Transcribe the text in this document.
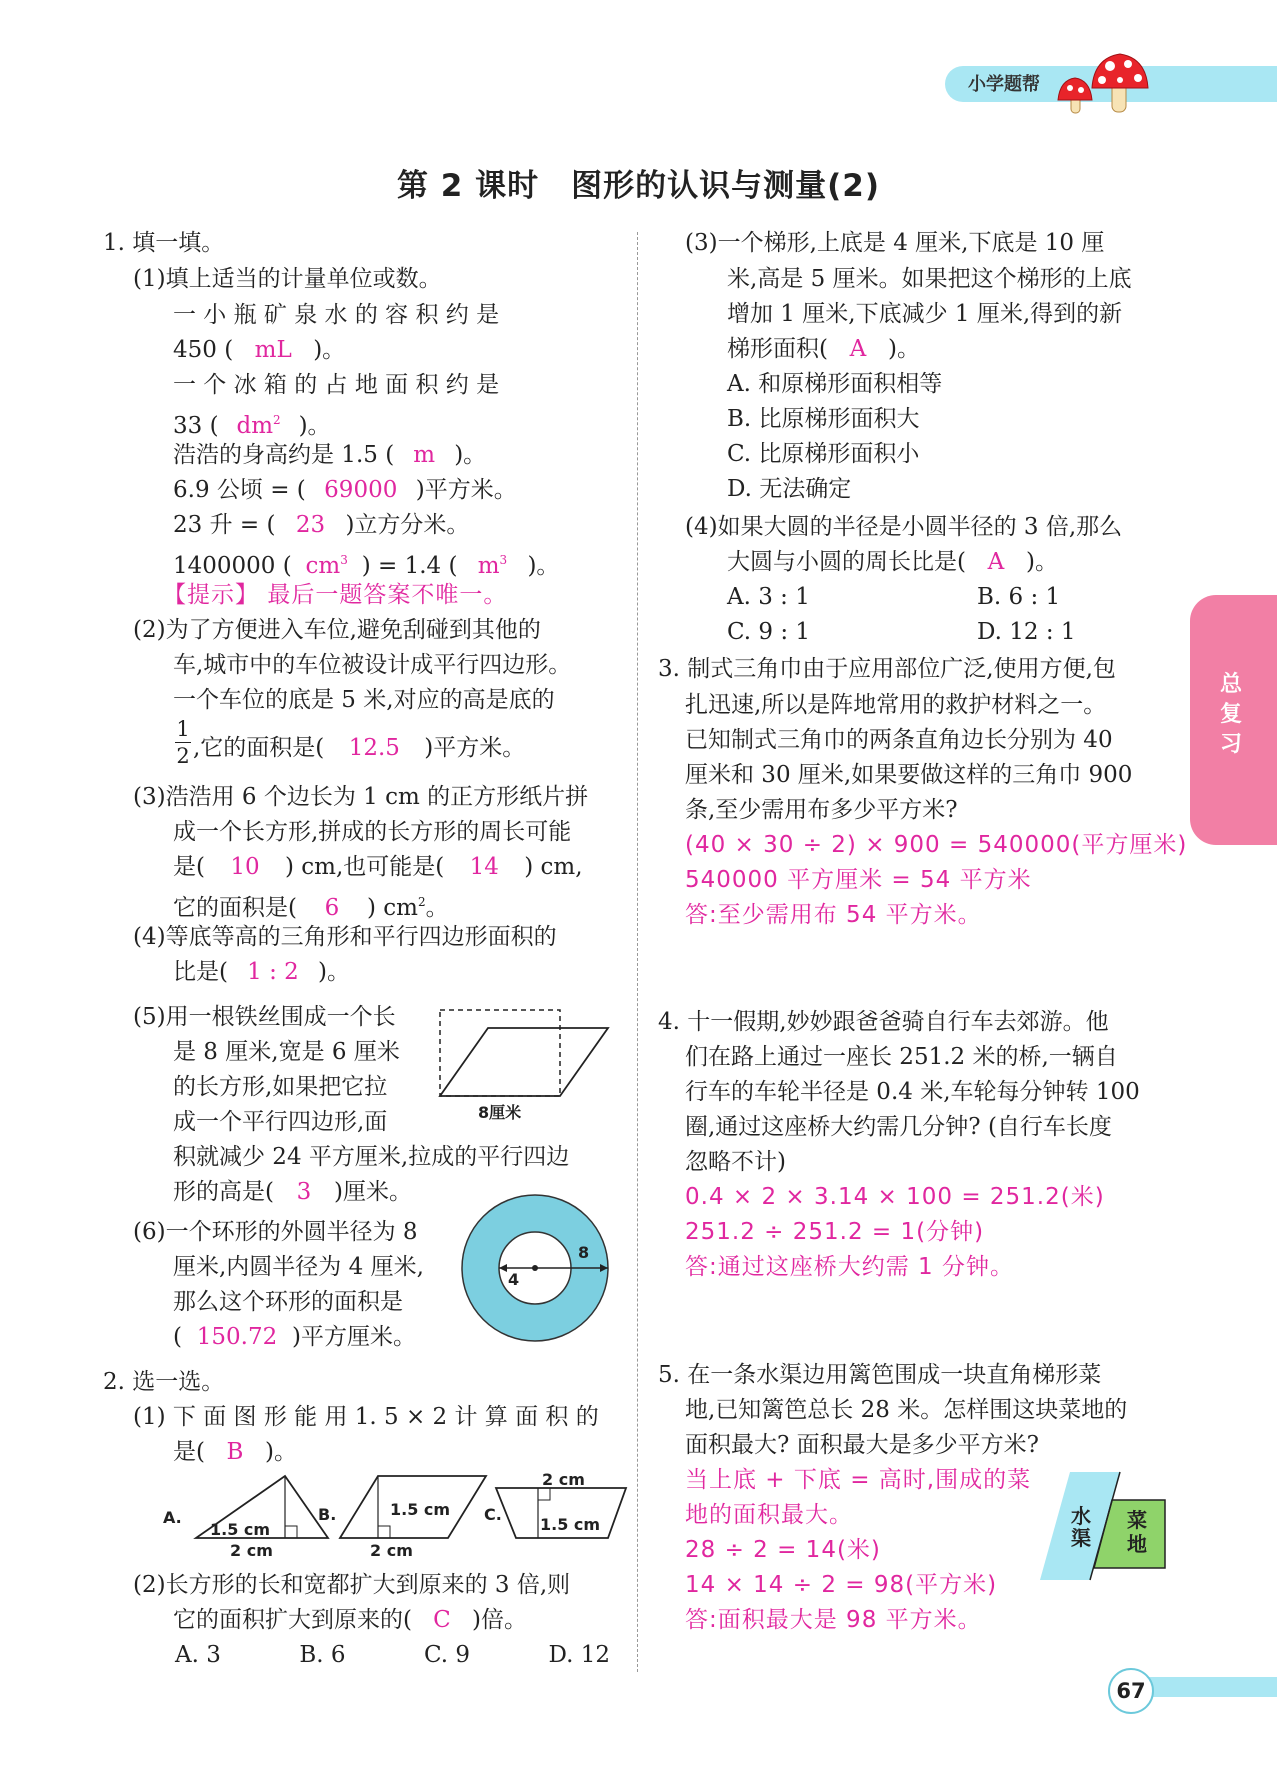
小学题帮
第 2 课时　图形的认识与测量(2)
总
复
习
1. 填一填。
(1)填上适当的计量单位或数。
一 小 瓶 矿 泉 水 的 容 积 约 是
450 ( mL )。
一 个 冰 箱 的 占 地 面 积 约 是
33 ( $dm^2$ )。
浩浩的身高约是 1.5 ( m )。
6.9 公顷 = ( 69000 )平方米。
23 升 = ( 23 )立方分米。
1400000 ( $cm^3$ ) = 1.4 ( $m^3$ )。
【提示】 最后一题答案不唯一。
(2)为了方便进入车位,避免刮碰到其他的
车,城市中的车位被设计成平行四边形。
一个车位的底是 5 米,对应的高是底的
1
2 ,它的面积是( 12.5 )平方米。
(3)浩浩用 6 个边长为 1 cm 的正方形纸片拼
成一个长方形,拼成的长方形的周长可能
是( 10 ) cm,也可能是( 14 ) cm,
它的面积是( 6 ) $cm^2$。
(4)等底等高的三角形和平行四边形面积的
比是( 1 : 2 )。
(5)用一根铁丝围成一个长
是 8 厘米,宽是 6 厘米
的长方形,如果把它拉
成一个平行四边形,面
积就减少 24 平方厘米,拉成的平行四边
形的高是( 3 )厘米。
8厘米
(6)一个环形的外圆半径为 8
厘米,内圆半径为 4 厘米,
那么这个环形的面积是
( 150.72 )平方厘米。
4
8
2. 选一选。
(1) 下 面 图 形 能 用 1. 5 × 2 计 算 面 积 的
是( B )。
A.
1.5 cm
2 cm
B.	1.5 cm
2 cm
C.
2 cm
1.5 cm
(2)长方形的长和宽都扩大到原来的 3 倍,则
它的面积扩大到原来的( C )倍。
A. 3	B. 6	C. 9	D. 12
(3)一个梯形,上底是 4 厘米,下底是 10 厘
米,高是 5 厘米。如果把这个梯形的上底
增加 1 厘米,下底减少 1 厘米,得到的新
梯形面积( A )。
A. 和原梯形面积相等
B. 比原梯形面积大
C. 比原梯形面积小
D. 无法确定
(4)如果大圆的半径是小圆半径的 3 倍,那么
大圆与小圆的周长比是( A )。
A. 3 : 1	B. 6 : 1
C. 9 : 1	D. 12 : 1
3. 制式三角巾由于应用部位广泛,使用方便,包
扎迅速,所以是阵地常用的救护材料之一。
已知制式三角巾的两条直角边长分别为 40
厘米和 30 厘米,如果要做这样的三角巾 900
条,至少需用布多少平方米?
(40 × 30 ÷ 2) × 900 = 540000(平方厘米)
540000 平方厘米 = 54 平方米
答:至少需用布 54 平方米。
4. 十一假期,妙妙跟爸爸骑自行车去郊游。他
们在路上通过一座长 251.2 米的桥,一辆自
行车的车轮半径是 0.4 米,车轮每分钟转 100
圈,通过这座桥大约需几分钟? (自行车长度
忽略不计)
0.4 × 2 × 3.14 × 100 = 251.2(米)
251.2 ÷ 251.2 = 1(分钟)
答:通过这座桥大约需 1 分钟。
5. 在一条水渠边用篱笆围成一块直角梯形菜
地,已知篱笆总长 28 米。怎样围这块菜地的
面积最大? 面积最大是多少平方米?
当上底 + 下底 = 高时,围成的菜
地的面积最大。
28 ÷ 2 = 14(米)
14 × 14 ÷ 2 = 98(平方米)
答:面积最大是 98 平方米。
水
渠
菜
地
67
